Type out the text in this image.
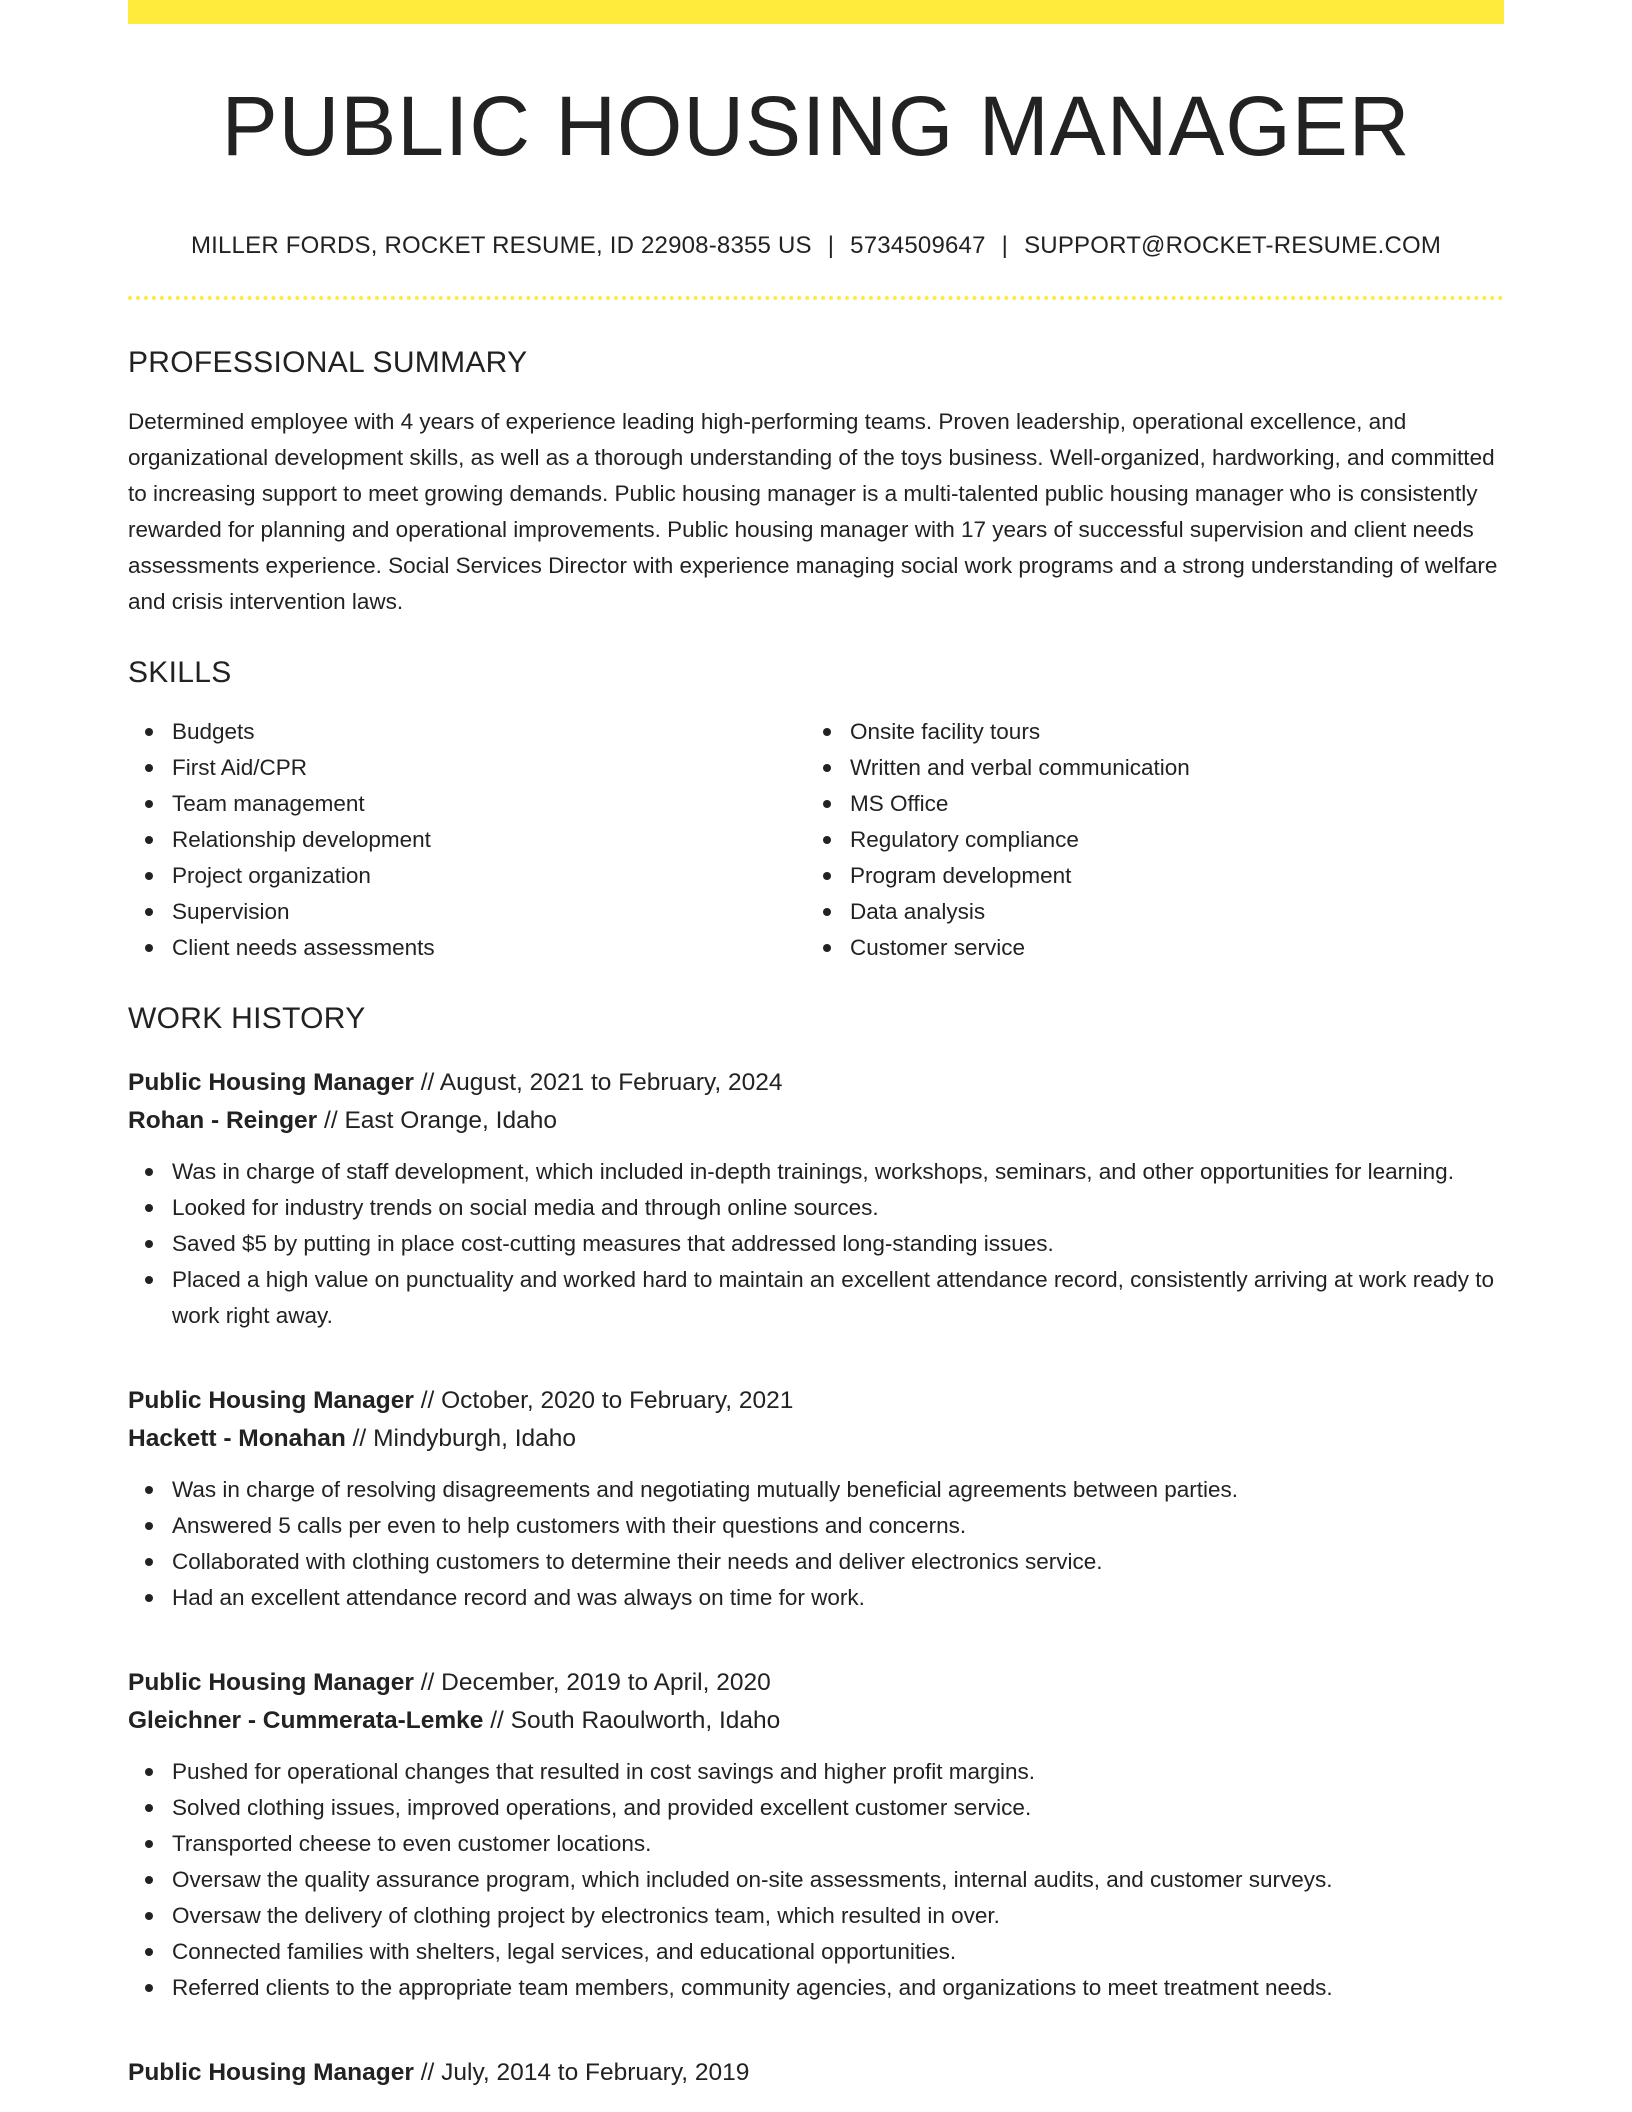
PUBLIC HOUSING MANAGER
MILLER FORDS, ROCKET RESUME, ID 22908-8355 US | 5734509647 | SUPPORT@ROCKET-RESUME.COM
PROFESSIONAL SUMMARY

Determined employee with 4 years of experience leading high-performing teams. Proven leadership, operational excellence, and organizational development skills, as well as a thorough understanding of the toys business. Well-organized, hardworking, and committed to increasing support to meet growing demands. Public housing manager is a multi-talented public housing manager who is consistently rewarded for planning and operational improvements. Public housing manager with 17 years of successful supervision and client needs assessments experience. Social Services Director with experience managing social work programs and a strong understanding of welfare and crisis intervention laws.

SKILLS
Budgets
First Aid/CPR
Team management
Relationship development
Project organization
Supervision
Client needs assessments
Onsite facility tours
Written and verbal communication
MS Office
Regulatory compliance
Program development
Data analysis
Customer service
WORK HISTORY
Public Housing Manager // August, 2021 to February, 2024
Rohan - Reinger // East Orange, Idaho
Was in charge of staff development, which included in-depth trainings, workshops, seminars, and other opportunities for learning.
Looked for industry trends on social media and through online sources.
Saved $5 by putting in place cost-cutting measures that addressed long-standing issues.
Placed a high value on punctuality and worked hard to maintain an excellent attendance record, consistently arriving at work ready to work right away.
Public Housing Manager // October, 2020 to February, 2021
Hackett - Monahan // Mindyburgh, Idaho
Was in charge of resolving disagreements and negotiating mutually beneficial agreements between parties.
Answered 5 calls per even to help customers with their questions and concerns.
Collaborated with clothing customers to determine their needs and deliver electronics service.
Had an excellent attendance record and was always on time for work.
Public Housing Manager // December, 2019 to April, 2020
Gleichner - Cummerata-Lemke // South Raoulworth, Idaho
Pushed for operational changes that resulted in cost savings and higher profit margins.
Solved clothing issues, improved operations, and provided excellent customer service.
Transported cheese to even customer locations.
Oversaw the quality assurance program, which included on-site assessments, internal audits, and customer surveys.
Oversaw the delivery of clothing project by electronics team, which resulted in over.
Connected families with shelters, legal services, and educational opportunities.
Referred clients to the appropriate team members, community agencies, and organizations to meet treatment needs.
Public Housing Manager // July, 2014 to February, 2019
